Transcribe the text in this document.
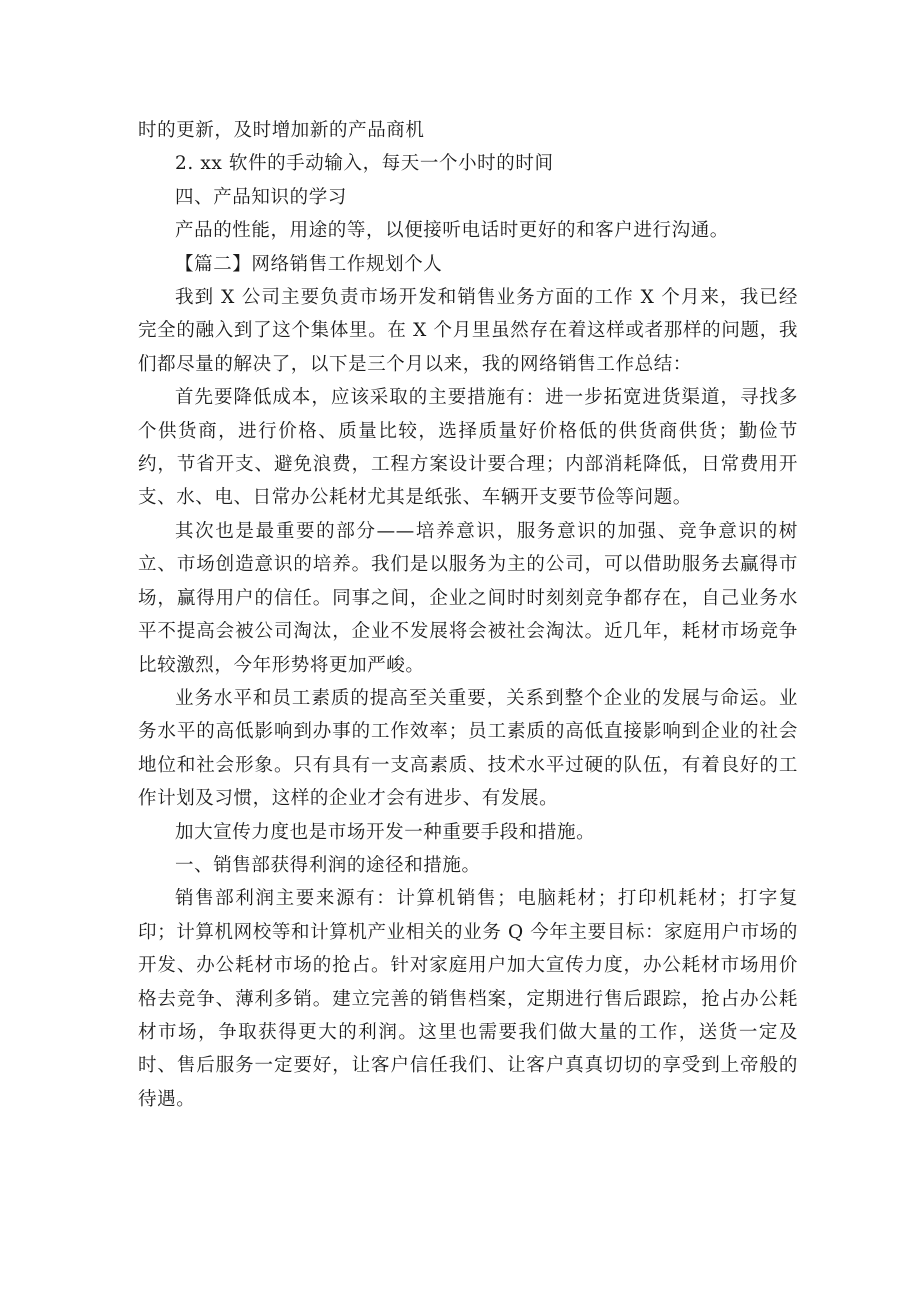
时的更新，及时增加新的产品商机

2. xx 软件的手动输入，每天一个小时的时间

四、产品知识的学习

产品的性能，用途的等，以便接听电话时更好的和客户进行沟通。

【篇二】网络销售工作规划个人

我到 X 公司主要负责市场开发和销售业务方面的工作 X 个月来，我已经完全的融入到了这个集体里。在 X 个月里虽然存在着这样或者那样的问题，我们都尽量的解决了，以下是三个月以来，我的网络销售工作总结：

首先要降低成本，应该采取的主要措施有：进一步拓宽进货渠道，寻找多个供货商，进行价格、质量比较，选择质量好价格低的供货商供货；勤俭节约，节省开支、避免浪费，工程方案设计要合理；内部消耗降低，日常费用开支、水、电、日常办公耗材尤其是纸张、车辆开支要节俭等问题。

其次也是最重要的部分——培养意识，服务意识的加强、竞争意识的树立、市场创造意识的培养。我们是以服务为主的公司，可以借助服务去赢得市场，赢得用户的信任。同事之间，企业之间时时刻刻竞争都存在，自己业务水平不提高会被公司淘汰，企业不发展将会被社会淘汰。近几年，耗材市场竞争比较激烈，今年形势将更加严峻。

业务水平和员工素质的提高至关重要，关系到整个企业的发展与命运。业务水平的高低影响到办事的工作效率；员工素质的高低直接影响到企业的社会地位和社会形象。只有具有一支高素质、技术水平过硬的队伍，有着良好的工作计划及习惯，这样的企业才会有进步、有发展。

加大宣传力度也是市场开发一种重要手段和措施。

一、销售部获得利润的途径和措施。

销售部利润主要来源有：计算机销售；电脑耗材；打印机耗材；打字复印；计算机网校等和计算机产业相关的业务 Q 今年主要目标：家庭用户市场的开发、办公耗材市场的抢占。针对家庭用户加大宣传力度，办公耗材市场用价格去竞争、薄利多销。建立完善的销售档案，定期进行售后跟踪，抢占办公耗材市场，争取获得更大的利润。这里也需要我们做大量的工作，送货一定及时、售后服务一定要好，让客户信任我们、让客户真真切切的享受到上帝般的待遇。
